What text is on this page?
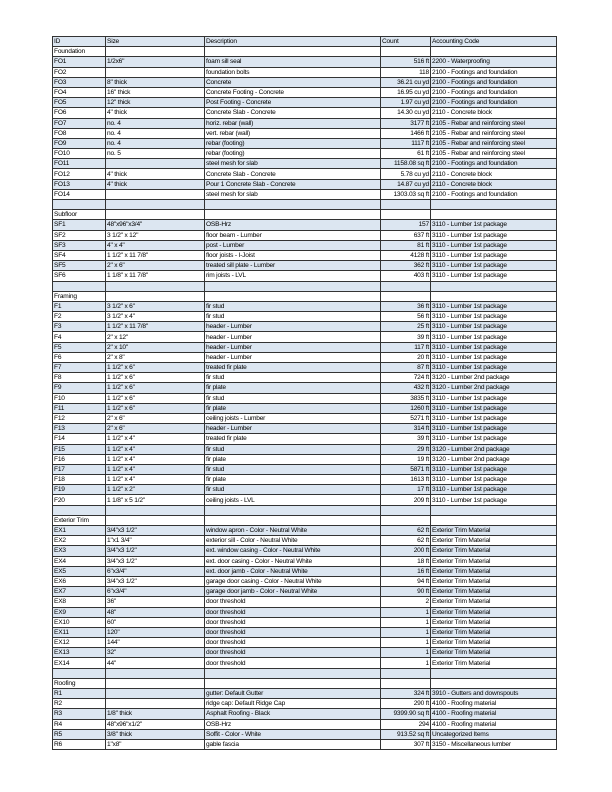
ID	Size	Description	Count	Accounting Code
Foundation				
FO1	1/2x6"	foam sill seal	516 ft	2200 - Waterproofing
FO2		foundation bolts	118	2100 - Footings and foundation
FO3	8" thick	Concrete	36.21 cu yd	2100 - Footings and foundation
FO4	16" thick	Concrete Footing - Concrete	16.95 cu yd	2100 - Footings and foundation
FO5	12" thick	Post Footing - Concrete	1.97 cu yd	2100 - Footings and foundation
FO6	4" thick	Concrete Slab - Concrete	14.30 cu yd	2110 - Concrete block
FO7	no. 4	horiz. rebar (wall)	3177 ft	2105 - Rebar and reinforcing steel
FO8	no. 4	vert. rebar (wall)	1466 ft	2105 - Rebar and reinforcing steel
FO9	no. 4	rebar (footing)	1117 ft	2105 - Rebar and reinforcing steel
FO10	no. 5	rebar (footing)	61 ft	2105 - Rebar and reinforcing steel
FO11		steel mesh for slab	1158.08 sq ft	2100 - Footings and foundation
FO12	4" thick	Concrete Slab - Concrete	5.78 cu yd	2110 - Concrete block
FO13	4" thick	Pour 1 Concrete Slab - Concrete	14.87 cu yd	2110 - Concrete block
FO14		steel mesh for slab	1303.03 sq ft	2100 - Footings and foundation

Subfloor				
SF1	48"x96"x3/4"	OSB-Hrz	157	3110 - Lumber 1st package
SF2	3 1/2" x 12"	floor beam - Lumber	637 ft	3110 - Lumber 1st package
SF3	4" x 4"	post - Lumber	81 ft	3110 - Lumber 1st package
SF4	1 1/2" x 11 7/8"	floor joists - I-Joist	4128 ft	3110 - Lumber 1st package
SF5	2" x 6"	treated sill plate - Lumber	362 ft	3110 - Lumber 1st package
SF6	1 1/8" x 11 7/8"	rim joists - LVL	403 ft	3110 - Lumber 1st package

Framing				
F1	3 1/2" x 6"	fir stud	36 ft	3110 - Lumber 1st package
F2	3 1/2" x 4"	fir stud	56 ft	3110 - Lumber 1st package
F3	1 1/2" x 11 7/8"	header - Lumber	25 ft	3110 - Lumber 1st package
F4	2" x 12"	header - Lumber	39 ft	3110 - Lumber 1st package
F5	2" x 10"	header - Lumber	117 ft	3110 - Lumber 1st package
F6	2" x 8"	header - Lumber	20 ft	3110 - Lumber 1st package
F7	1 1/2" x 6"	treated fir plate	87 ft	3110 - Lumber 1st package
F8	1 1/2" x 6"	fir stud	724 ft	3120 - Lumber 2nd package
F9	1 1/2" x 6"	fir plate	432 ft	3120 - Lumber 2nd package
F10	1 1/2" x 6"	fir stud	3835 ft	3110 - Lumber 1st package
F11	1 1/2" x 6"	fir plate	1260 ft	3110 - Lumber 1st package
F12	2" x 6"	ceiling joists - Lumber	5271 ft	3110 - Lumber 1st package
F13	2" x 6"	header - Lumber	314 ft	3110 - Lumber 1st package
F14	1 1/2" x 4"	treated fir plate	39 ft	3110 - Lumber 1st package
F15	1 1/2" x 4"	fir stud	29 ft	3120 - Lumber 2nd package
F16	1 1/2" x 4"	fir plate	19 ft	3120 - Lumber 2nd package
F17	1 1/2" x 4"	fir stud	5871 ft	3110 - Lumber 1st package
F18	1 1/2" x 4"	fir plate	1613 ft	3110 - Lumber 1st package
F19	1 1/2" x 2"	fir stud	17 ft	3110 - Lumber 1st package
F20	1 1/8" x 5 1/2"	ceiling joists - LVL	209 ft	3110 - Lumber 1st package

Exterior Trim				
EX1	3/4"x3 1/2"	window apron - Color - Neutral White	62 ft	Exterior Trim Material
EX2	1"x1 3/4"	exterior sill - Color - Neutral White	62 ft	Exterior Trim Material
EX3	3/4"x3 1/2"	ext. window casing - Color - Neutral White	200 ft	Exterior Trim Material
EX4	3/4"x3 1/2"	ext. door casing - Color - Neutral White	18 ft	Exterior Trim Material
EX5	6"x3/4"	ext. door jamb - Color - Neutral White	16 ft	Exterior Trim Material
EX6	3/4"x3 1/2"	garage door casing - Color - Neutral White	94 ft	Exterior Trim Material
EX7	6"x3/4"	garage door jamb - Color - Neutral White	90 ft	Exterior Trim Material
EX8	36"	door threshold	2	Exterior Trim Material
EX9	48"	door threshold	1	Exterior Trim Material
EX10	60"	door threshold	1	Exterior Trim Material
EX11	120"	door threshold	1	Exterior Trim Material
EX12	144"	door threshold	1	Exterior Trim Material
EX13	32"	door threshold	1	Exterior Trim Material
EX14	44"	door threshold	1	Exterior Trim Material

Roofing				
R1		gutter: Default Gutter	324 ft	3910 - Gutters and downspouts
R2		ridge cap: Default Ridge Cap	290 ft	4100 - Roofing material
R3	1/8" thick	Asphalt Roofing - Black	9399.90 sq ft	4100 - Roofing material
R4	48"x96"x1/2"	OSB-Hrz	294	4100 - Roofing material
R5	3/8" thick	Soffit - Color - White	913.52 sq ft	Uncategorized Items
R6	1"x8"	gable fascia	307 ft	3150 - Miscellaneous lumber
